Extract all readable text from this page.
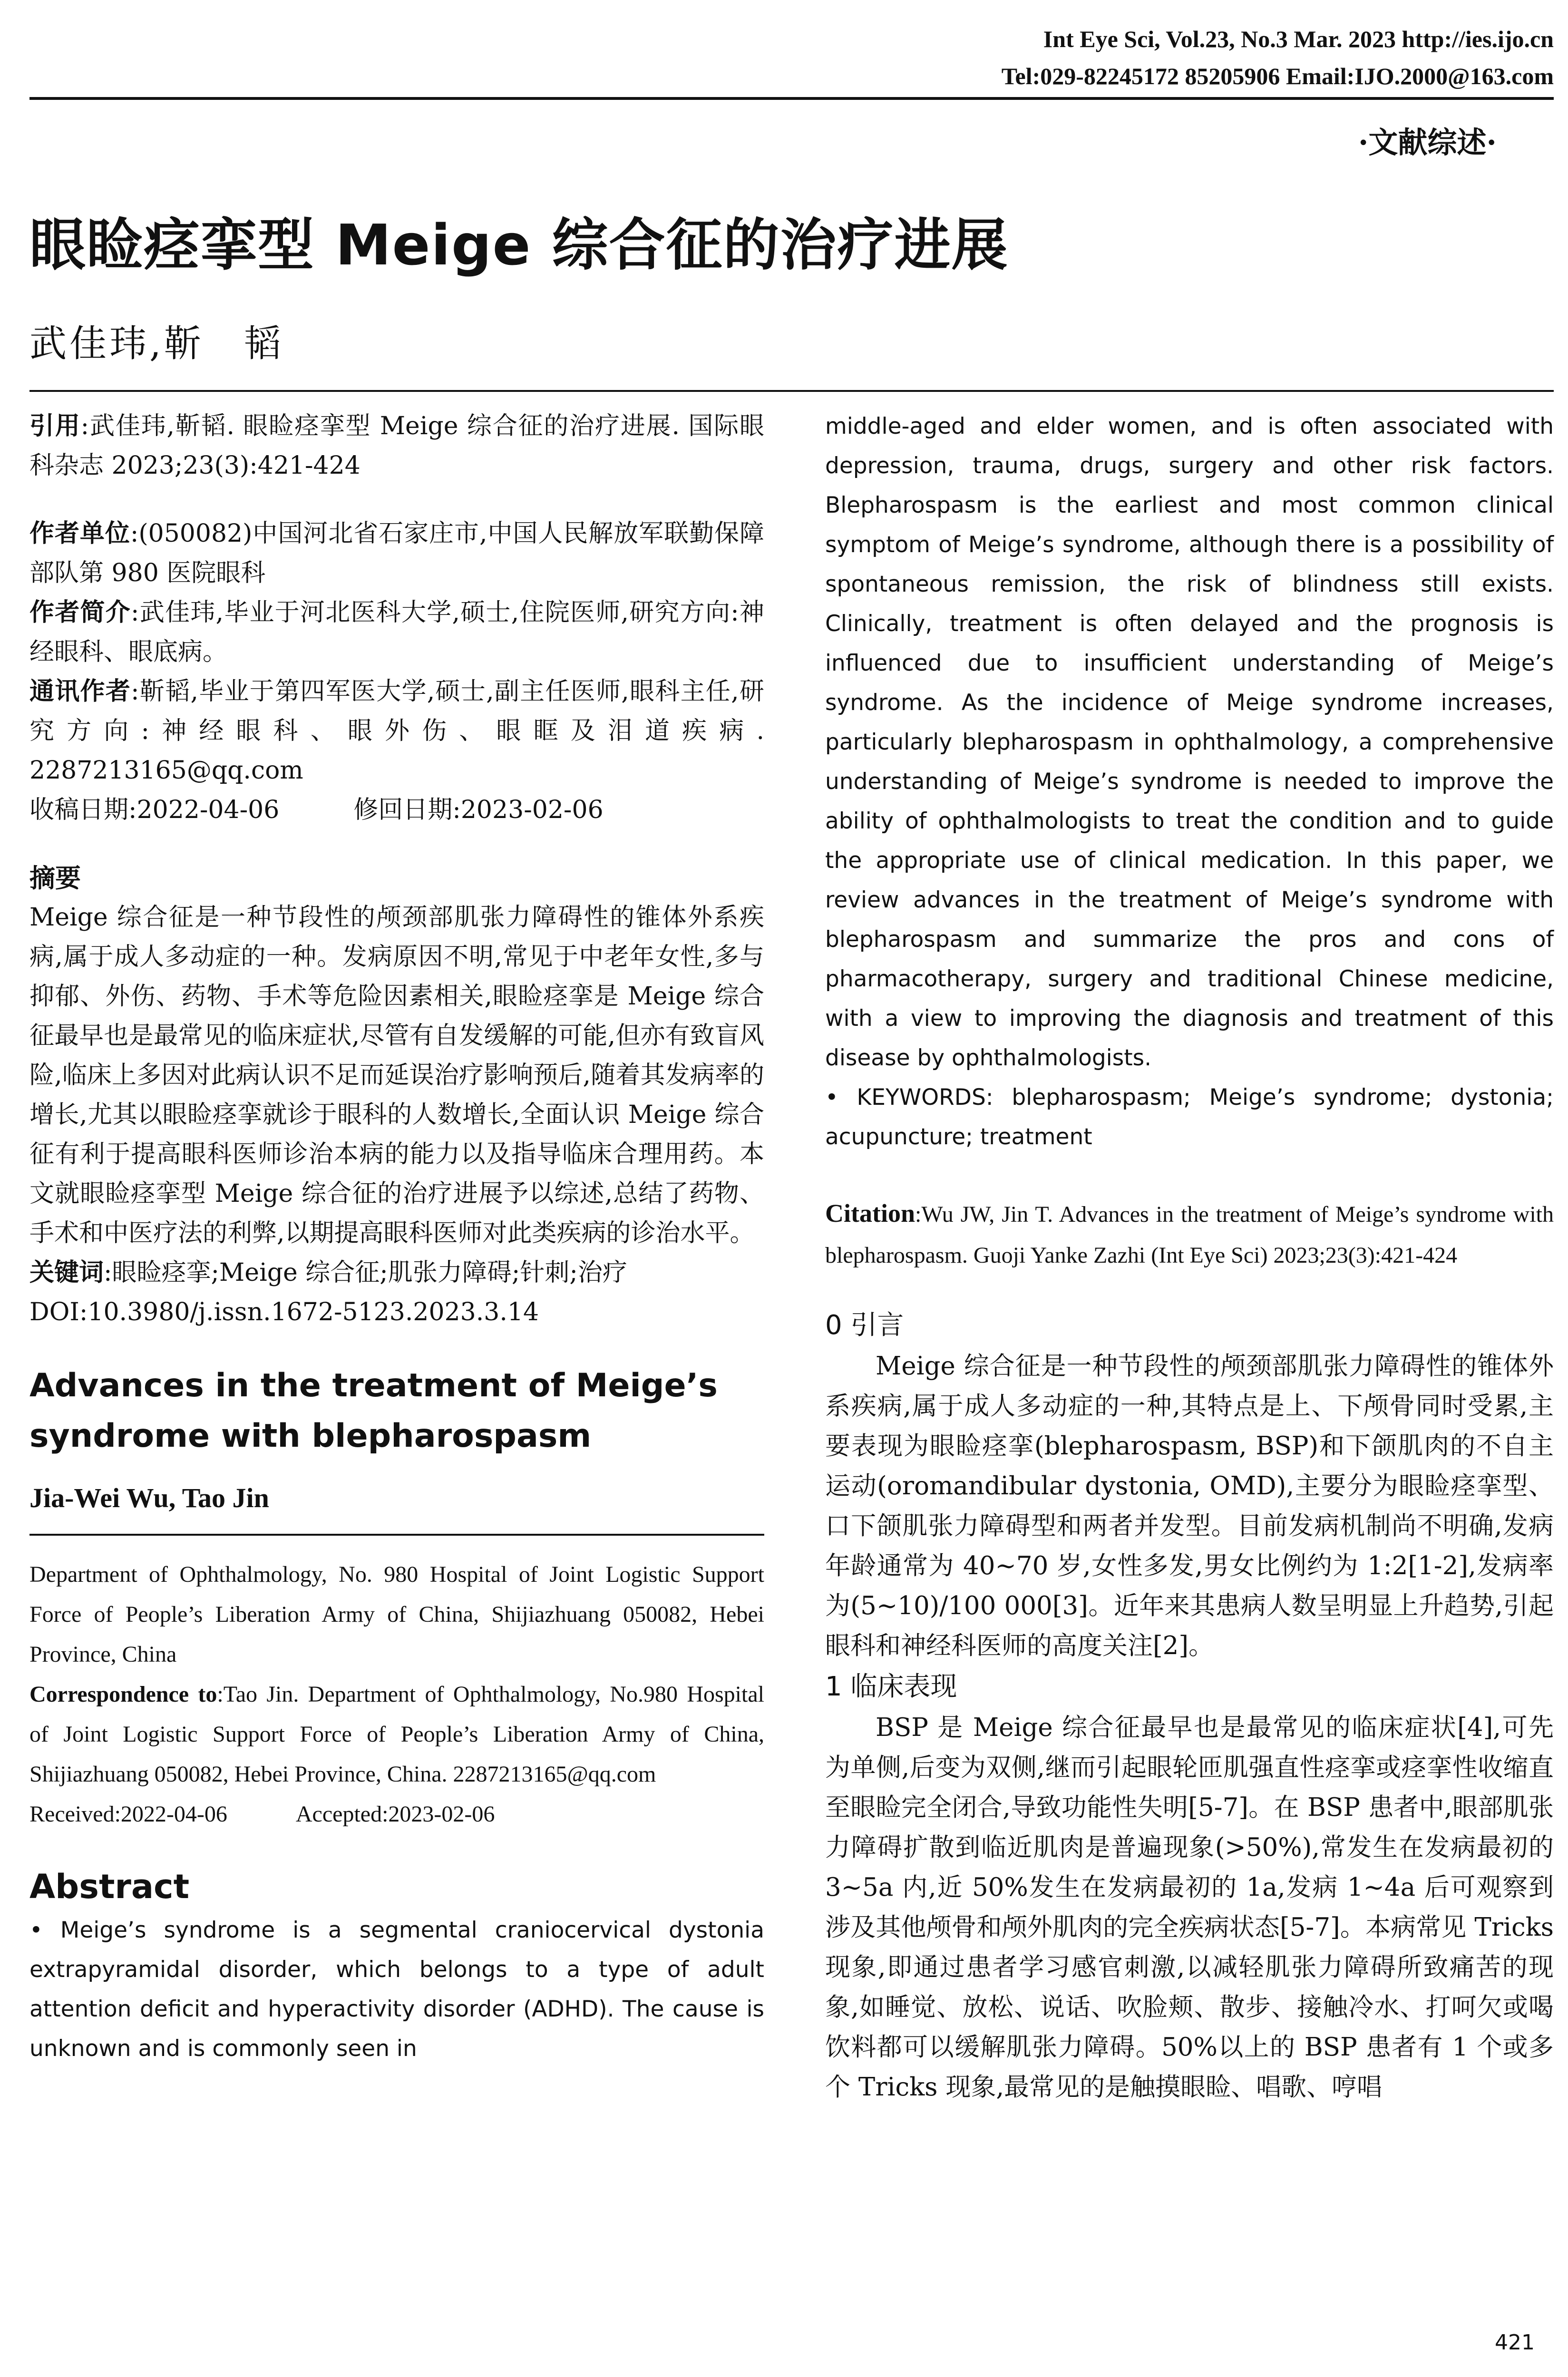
Int Eye Sci, Vol.23, No.3 Mar. 2023 http://ies.ijo.cn
Tel:029-82245172 85205906 Email:IJO.2000@163.com
·文献综述·
眼睑痉挛型 Meige 综合征的治疗进展
武佳玮,靳　韬

引用:武佳玮,靳韬. 眼睑痉挛型 Meige 综合征的治疗进展. 国际眼科杂志 2023;23(3):421-424

作者单位:(050082)中国河北省石家庄市,中国人民解放军联勤保障部队第 980 医院眼科

作者简介:武佳玮,毕业于河北医科大学,硕士,住院医师,研究方向:神经眼科、眼底病。

通讯作者:靳韬,毕业于第四军医大学,硕士,副主任医师,眼科主任,研究方向:神经眼科、眼外伤、眼眶及泪道疾病. 2287213165@qq.com

收稿日期:2022-04-06　　　修回日期:2023-02-06

摘要

Meige 综合征是一种节段性的颅颈部肌张力障碍性的锥体外系疾病,属于成人多动症的一种。发病原因不明,常见于中老年女性,多与抑郁、外伤、药物、手术等危险因素相关,眼睑痉挛是 Meige 综合征最早也是最常见的临床症状,尽管有自发缓解的可能,但亦有致盲风险,临床上多因对此病认识不足而延误治疗影响预后,随着其发病率的增长,尤其以眼睑痉挛就诊于眼科的人数增长,全面认识 Meige 综合征有利于提高眼科医师诊治本病的能力以及指导临床合理用药。本文就眼睑痉挛型 Meige 综合征的治疗进展予以综述,总结了药物、手术和中医疗法的利弊,以期提高眼科医师对此类疾病的诊治水平。

关键词:眼睑痉挛;Meige 综合征;肌张力障碍;针刺;治疗

DOI:10.3980/j.issn.1672-5123.2023.3.14

Advances in the treatment of Meige’s syndrome with blepharospasm

Jia-Wei Wu, Tao Jin

Department of Ophthalmology, No. 980 Hospital of Joint Logistic Support Force of People’s Liberation Army of China, Shijiazhuang 050082, Hebei Province, China

Correspondence to:Tao Jin. Department of Ophthalmology, No.980 Hospital of Joint Logistic Support Force of People’s Liberation Army of China, Shijiazhuang 050082, Hebei Province, China. 2287213165@qq.com

Received:2022-04-06　　　Accepted:2023-02-06

Abstract

• Meige’s syndrome is a segmental craniocervical dystonia extrapyramidal disorder, which belongs to a type of adult attention deficit and hyperactivity disorder (ADHD). The cause is unknown and is commonly seen in

middle-aged and elder women, and is often associated with depression, trauma, drugs, surgery and other risk factors. Blepharospasm is the earliest and most common clinical symptom of Meige’s syndrome, although there is a possibility of spontaneous remission, the risk of blindness still exists. Clinically, treatment is often delayed and the prognosis is influenced due to insufficient understanding of Meige’s syndrome. As the incidence of Meige syndrome increases, particularly blepharospasm in ophthalmology, a comprehensive understanding of Meige’s syndrome is needed to improve the ability of ophthalmologists to treat the condition and to guide the appropriate use of clinical medication. In this paper, we review advances in the treatment of Meige’s syndrome with blepharospasm and summarize the pros and cons of pharmacotherapy, surgery and traditional Chinese medicine, with a view to improving the diagnosis and treatment of this disease by ophthalmologists.

• KEYWORDS: blepharospasm; Meige’s syndrome; dystonia; acupuncture; treatment

Citation:Wu JW, Jin T. Advances in the treatment of Meige’s syndrome with blepharospasm. Guoji Yanke Zazhi (Int Eye Sci) 2023;23(3):421-424

0 引言

Meige 综合征是一种节段性的颅颈部肌张力障碍性的锥体外系疾病,属于成人多动症的一种,其特点是上、下颅骨同时受累,主要表现为眼睑痉挛(blepharospasm, BSP)和下颌肌肉的不自主运动(oromandibular dystonia, OMD),主要分为眼睑痉挛型、口下颌肌张力障碍型和两者并发型。目前发病机制尚不明确,发病年龄通常为 40~70 岁,女性多发,男女比例约为 1:2[1-2],发病率为(5~10)/100 000[3]。近年来其患病人数呈明显上升趋势,引起眼科和神经科医师的高度关注[2]。

1 临床表现

BSP 是 Meige 综合征最早也是最常见的临床症状[4],可先为单侧,后变为双侧,继而引起眼轮匝肌强直性痉挛或痉挛性收缩直至眼睑完全闭合,导致功能性失明[5-7]。在 BSP 患者中,眼部肌张力障碍扩散到临近肌肉是普遍现象(>50%),常发生在发病最初的 3~5a 内,近 50%发生在发病最初的 1a,发病 1~4a 后可观察到涉及其他颅骨和颅外肌肉的完全疾病状态[5-7]。本病常见 Tricks 现象,即通过患者学习感官刺激,以减轻肌张力障碍所致痛苦的现象,如睡觉、放松、说话、吹脸颊、散步、接触冷水、打呵欠或喝饮料都可以缓解肌张力障碍。50%以上的 BSP 患者有 1 个或多个 Tricks 现象,最常见的是触摸眼睑、唱歌、哼唱

421
